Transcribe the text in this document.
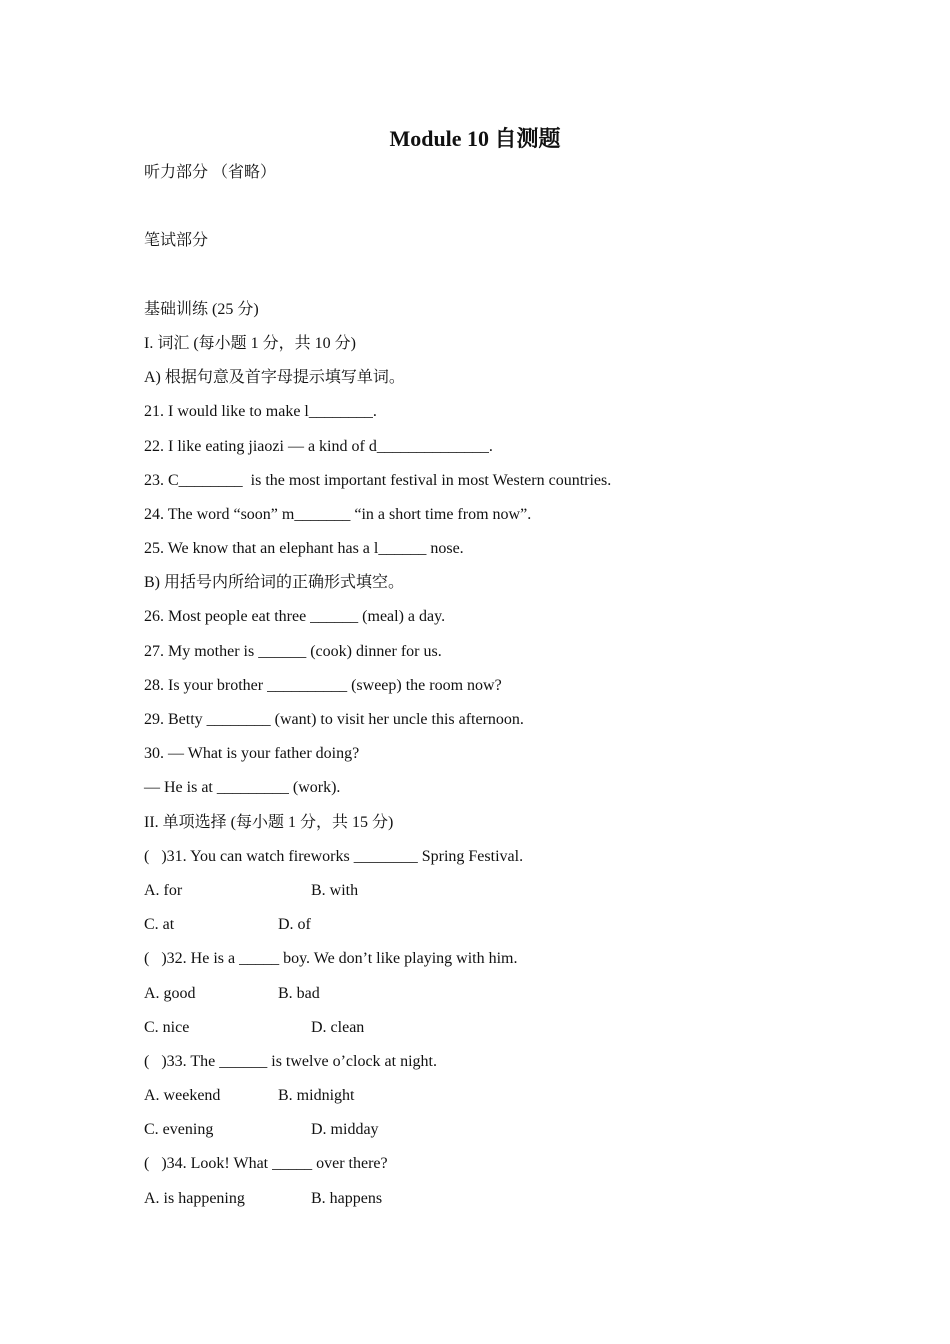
Module 10 自测题
听力部分 （省略）
笔试部分
基础训练 (25 分)
I. 词汇 (每小题 1 分，共 10 分)
A) 根据句意及首字母提示填写单词。
21. I would like to make l________.
22. I like eating jiaozi — a kind of d______________.
23. C________  is the most important festival in most Western countries.
24. The word “soon” m_______ “in a short time from now”.
25. We know that an elephant has a l______ nose.
B) 用括号内所给词的正确形式填空。
26. Most people eat three ______ (meal) a day.
27. My mother is ______ (cook) dinner for us.
28. Is your brother __________ (sweep) the room now?
29. Betty ________ (want) to visit her uncle this afternoon.
30. — What is your father doing?
— He is at _________ (work).
II. 单项选择 (每小题 1 分，共 15 分)
(   )31. You can watch fireworks ________ Spring Festival.

A. for

	B. with

C. at

	D. of

(   )32. He is a _____ boy. We don’t like playing with him.

A. good

	B. bad

C. nice

	D. clean

(   )33. The ______ is twelve o’clock at night.

A. weekend

	B. midnight

C. evening

	D. midday

(   )34. Look! What _____ over there?

A. is happening

	B. happens
